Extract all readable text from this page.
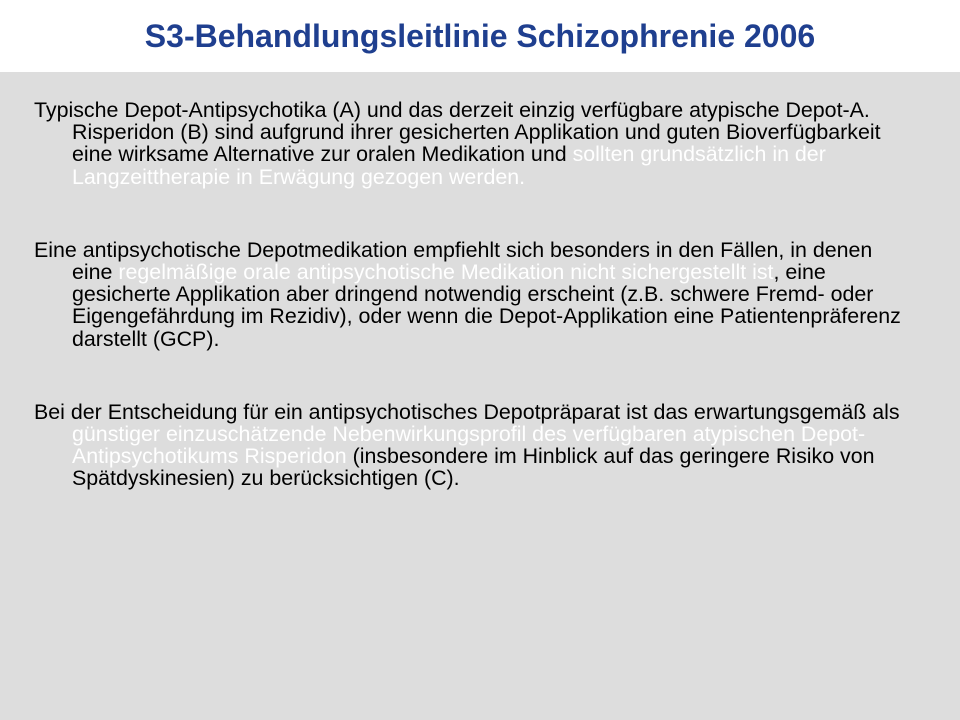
S3-Behandlungsleitlinie Schizophrenie 2006

Typische Depot-Antipsychotika (A) und das derzeit einzig verfügbare atypische Depot-A. Risperidon (B) sind aufgrund ihrer gesicherten Applikation und guten Bioverfügbarkeit eine wirksame Alternative zur oralen Medikation und sollten grundsätzlich in der Langzeittherapie in Erwägung gezogen werden.

Eine antipsychotische Depotmedikation empfiehlt sich besonders in den Fällen, in denen eine regelmäßige orale antipsychotische Medikation nicht sichergestellt ist, eine gesicherte Applikation aber dringend notwendig erscheint (z.B. schwere Fremd- oder Eigengefährdung im Rezidiv), oder wenn die Depot-Applikation eine Patientenpräferenz darstellt (GCP).

Bei der Entscheidung für ein antipsychotisches Depotpräparat ist das erwartungsgemäß als günstiger einzuschätzende Nebenwirkungsprofil des verfügbaren atypischen Depot-Antipsychotikums Risperidon (insbesondere im Hinblick auf das geringere Risiko von Spätdyskinesien) zu berücksichtigen (C).
